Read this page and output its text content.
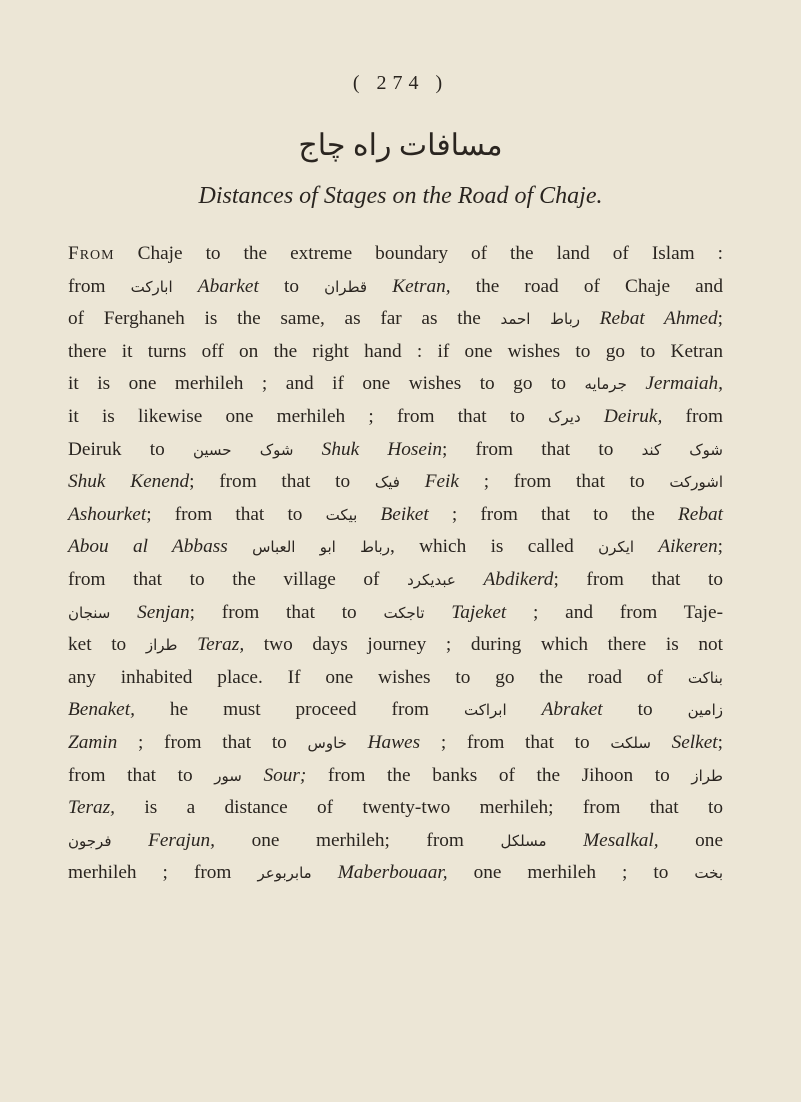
( 274 )
مسافات راه چاج
Distances of Stages on the Road of Chaje.
From Chaje to the extreme boundary of the land of Islam :
from ابارکت Abarket to قطران Ketran, the road of Chaje and
of Ferghaneh is the same, as far as the رباط احمد Rebat Ahmed;
there it turns off on the right hand : if one wishes to go to Ketran
it is one merhileh ; and if one wishes to go to جرمایه Jermaiah,
it is likewise one merhileh ; from that to دیرک Deiruk, from
Deiruk to شوک حسین Shuk Hosein; from that to شوک کند
Shuk Kenend; from that to فیک Feik ; from that to اشورکت
Ashourket; from that to بیکت Beiket ; from that to the Rebat
Abou al Abbass رباط ابو العباس, which is called ایکرن Aikeren;
from that to the village of عبدیکرد Abdikerd; from that to
سنجان Senjan; from that to تاجکت Tajeket ; and from Taje-
ket to طراز Teraz, two days journey ; during which there is not
any inhabited place. If one wishes to go the road of بناکت
Benaket, he must proceed from ابراکت Abraket to زامین
Zamin ; from that to خاوس Hawes ; from that to سلکت Selket;
from that to سور Sour; from the banks of the Jihoon to طراز
Teraz, is a distance of twenty-two merhileh; from that to
فرجون Ferajun, one merhileh; from مسلکل Mesalkal, one
merhileh ; from مابربوعر Maberbouaar, one merhileh ; to بخت
